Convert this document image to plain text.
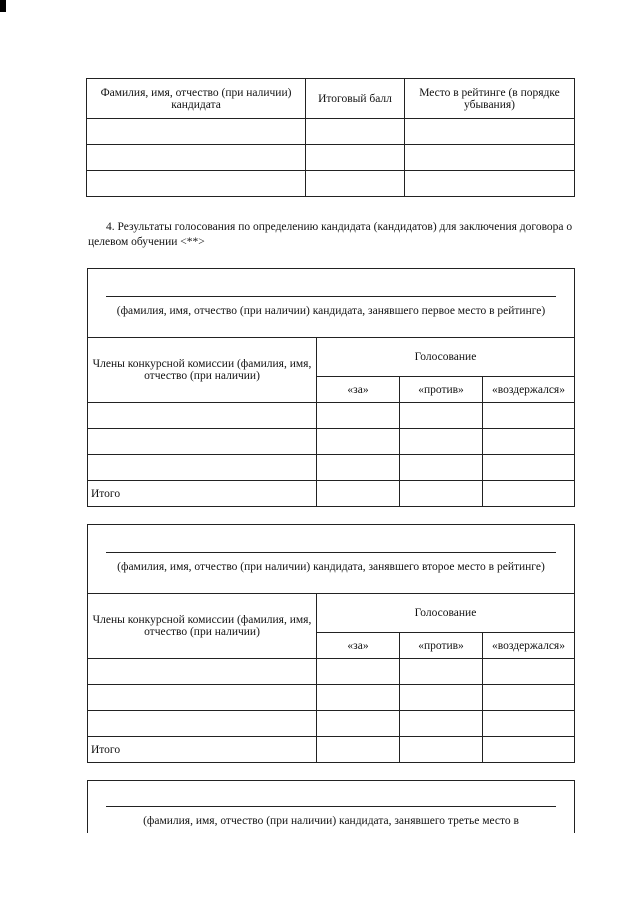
Фамилия, имя, отчество (при наличии) кандидата	Итоговый балл	Место в рейтинге (в порядке убывания)

4. Результаты голосования по определению кандидата (кандидатов) для заключения договора о целевом обучении <**>
(фамилия, имя, отчество (при наличии) кандидата, занявшего первое место в рейтинге)
Члены конкурсной комиссии (фамилия, имя, отчество (при наличии)	Голосование		
	«за»	«против»	«воздержался»

Итого			
(фамилия, имя, отчество (при наличии) кандидата, занявшего второе место в рейтинге)
Члены конкурсной комиссии (фамилия, имя, отчество (при наличии)	Голосование		
	«за»	«против»	«воздержался»

Итого			
(фамилия, имя, отчество (при наличии) кандидата, занявшего третье место в
